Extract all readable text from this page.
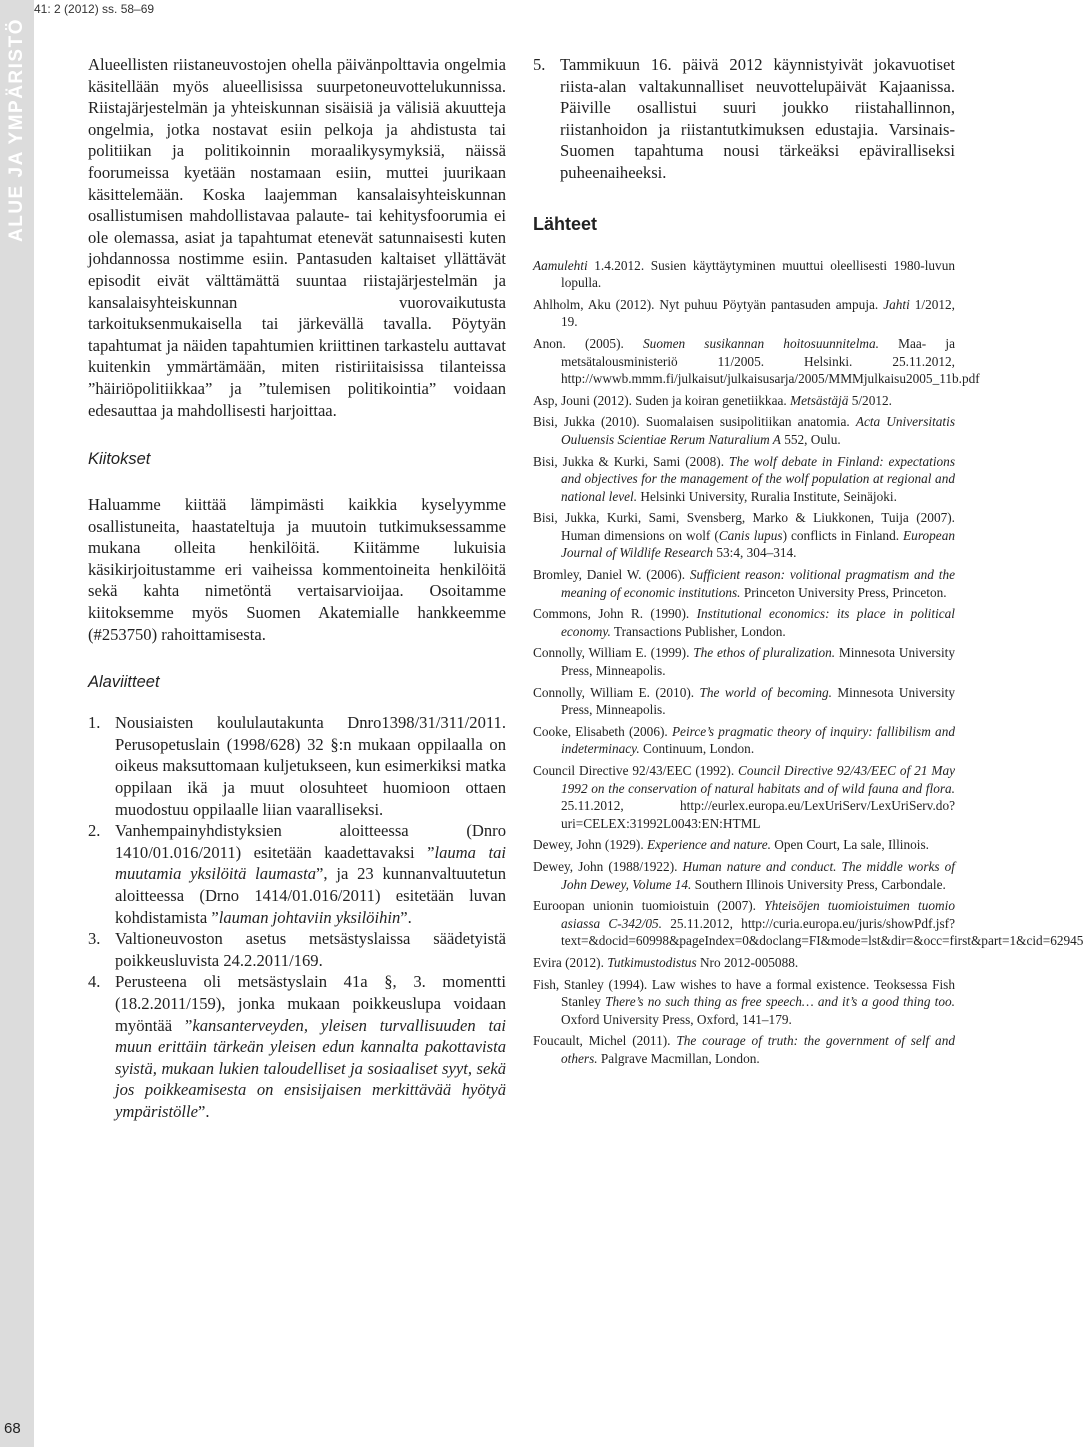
ALUE JA YMPÄRISTÖ
68
41: 2 (2012) ss. 58–69

Alueellisten riistaneuvostojen ohella päivänpolttavia ongelmia käsitellään myös alueellisissa suurpetoneuvottelukunnissa. Riistajärjestelmän ja yhteiskunnan sisäisiä ja välisiä akuutteja ongelmia, jotka nostavat esiin pelkoja ja ahdistusta tai politiikan ja politikoinnin moraalikysymyksiä, näissä foorumeissa kyetään nostamaan esiin, muttei juurikaan käsittelemään. Koska laajemman kansalaisyhteiskunnan osallistumisen mahdollistavaa palaute- tai kehitysfoorumia ei ole olemassa, asiat ja tapahtumat etenevät satunnaisesti kuten johdannossa nostimme esiin. Pantasuden kaltaiset yllättävät episodit eivät välttämättä suuntaa riistajärjestelmän ja kansalaisyhteiskunnan vuorovaikutusta tarkoituksenmukaisella tai järkevällä tavalla. Pöytyän tapahtumat ja näiden tapahtumien kriittinen tarkastelu auttavat kuitenkin ymmärtämään, miten ristiriitaisissa tilanteissa ”häiriöpolitiikkaa” ja ”tulemisen politikointia” voidaan edesauttaa ja mahdollisesti harjoittaa.

Kiitokset

Haluamme kiittää lämpimästi kaikkia kyselyymme osallistuneita, haastateltuja ja muutoin tutkimuksessamme mukana olleita henkilöitä. Kiitämme lukuisia käsikirjoitustamme eri vaiheissa kommentoineita henkilöitä sekä kahta nimetöntä vertaisarvioijaa. Osoitamme kiitoksemme myös Suomen Akatemialle hankkeemme (#253750) rahoittamisesta.

Alaviitteet
1. Nousiaisten koululautakunta Dnro1398/31/311/2011. Perusopetuslain (1998/628) 32 §:n mukaan oppilaalla on oikeus maksuttomaan kuljetukseen, kun esimerkiksi matka oppilaan ikä ja muut olosuhteet huomioon ottaen muodostuu oppilaalle liian vaaralliseksi.
2. Vanhempainyhdistyksien aloitteessa (Dnro 1410/01.016/2011) esitetään kaadettavaksi ”lauma tai muutamia yksilöitä laumasta”, ja 23 kunnanvaltuutetun aloitteessa (Drno 1414/01.016/2011) esitetään luvan kohdistamista ”lauman johtaviin yksilöihin”.
3. Valtioneuvoston asetus metsästyslaissa säädetyistä poikkeusluvista 24.2.2011/169.
4. Perusteena oli metsästyslain 41a §, 3. momentti (18.2.2011/159), jonka mukaan poikkeuslupa voidaan myöntää ”kansanterveyden, yleisen turvallisuuden tai muun erittäin tärkeän yleisen edun kannalta pakottavista syistä, mukaan lukien taloudelliset ja sosiaaliset syyt, sekä jos poikkeamisesta on ensisijaisen merkittävää hyötyä ympäristölle”.
5. Tammikuun 16. päivä 2012 käynnistyivät jokavuotiset riista-alan valtakunnalliset neuvottelupäivät Kajaanissa. Päiville osallistui suuri joukko riistahallinnon, riistanhoidon ja riistantutkimuksen edustajia. Varsinais-Suomen tapahtuma nousi tärkeäksi epäviralliseksi puheenaiheeksi.
Lähteet
Aamulehti 1.4.2012. Susien käyttäytyminen muuttui oleellisesti 1980-luvun lopulla.
Ahlholm, Aku (2012). Nyt puhuu Pöytyän pantasuden ampuja. Jahti 1/2012, 19.
Anon. (2005). Suomen susikannan hoitosuunnitelma. Maa- ja metsätalousministeriö 11/2005. Helsinki. 25.11.2012, http://wwwb.mmm.fi/julkaisut/julkaisusarja/2005/MMMjulkaisu2005_11b.pdf
Asp, Jouni (2012). Suden ja koiran genetiikkaa. Metsästäjä 5/2012.
Bisi, Jukka (2010). Suomalaisen susipolitiikan anatomia. Acta Universitatis Ouluensis Scientiae Rerum Naturalium A 552, Oulu.
Bisi, Jukka & Kurki, Sami (2008). The wolf debate in Finland: expectations and objectives for the management of the wolf population at regional and national level. Helsinki University, Ruralia Institute, Seinäjoki.
Bisi, Jukka, Kurki, Sami, Svensberg, Marko & Liukkonen, Tuija (2007). Human dimensions on wolf (Canis lupus) conflicts in Finland. European Journal of Wildlife Research 53:4, 304–314.
Bromley, Daniel W. (2006). Sufficient reason: volitional pragmatism and the meaning of economic institutions. Princeton University Press, Princeton.
Commons, John R. (1990). Institutional economics: its place in political economy. Transactions Publisher, London.
Connolly, William E. (1999). The ethos of pluralization. Minnesota University Press, Minneapolis.
Connolly, William E. (2010). The world of becoming. Minnesota University Press, Minneapolis.
Cooke, Elisabeth (2006). Peirce’s pragmatic theory of inquiry: fallibilism and indeterminacy. Continuum, London.
Council Directive 92/43/EEC (1992). Council Directive 92/43/EEC of 21 May 1992 on the conservation of natural habitats and of wild fauna and flora. 25.11.2012, http://eurlex.europa.eu/LexUriServ/LexUriServ.do?uri=CELEX:31992L0043:EN:HTML
Dewey, John (1929). Experience and nature. Open Court, La sale, Illinois.
Dewey, John (1988/1922). Human nature and conduct. The middle works of John Dewey, Volume 14. Southern Illinois University Press, Carbondale.
Euroopan unionin tuomioistuin (2007). Yhteisöjen tuomioistuimen tuomio asiassa C-342/05. 25.11.2012, http://curia.europa.eu/juris/showPdf.jsf?text=&docid=60998&pageIndex=0&doclang=FI&mode=lst&dir=&occ=first&part=1&cid=62945
Evira (2012). Tutkimustodistus Nro 2012-005088.
Fish, Stanley (1994). Law wishes to have a formal existence. Teoksessa Fish Stanley There’s no such thing as free speech… and it’s a good thing too. Oxford University Press, Oxford, 141–179.
Foucault, Michel (2011). The courage of truth: the government of self and others. Palgrave Macmillan, London.
